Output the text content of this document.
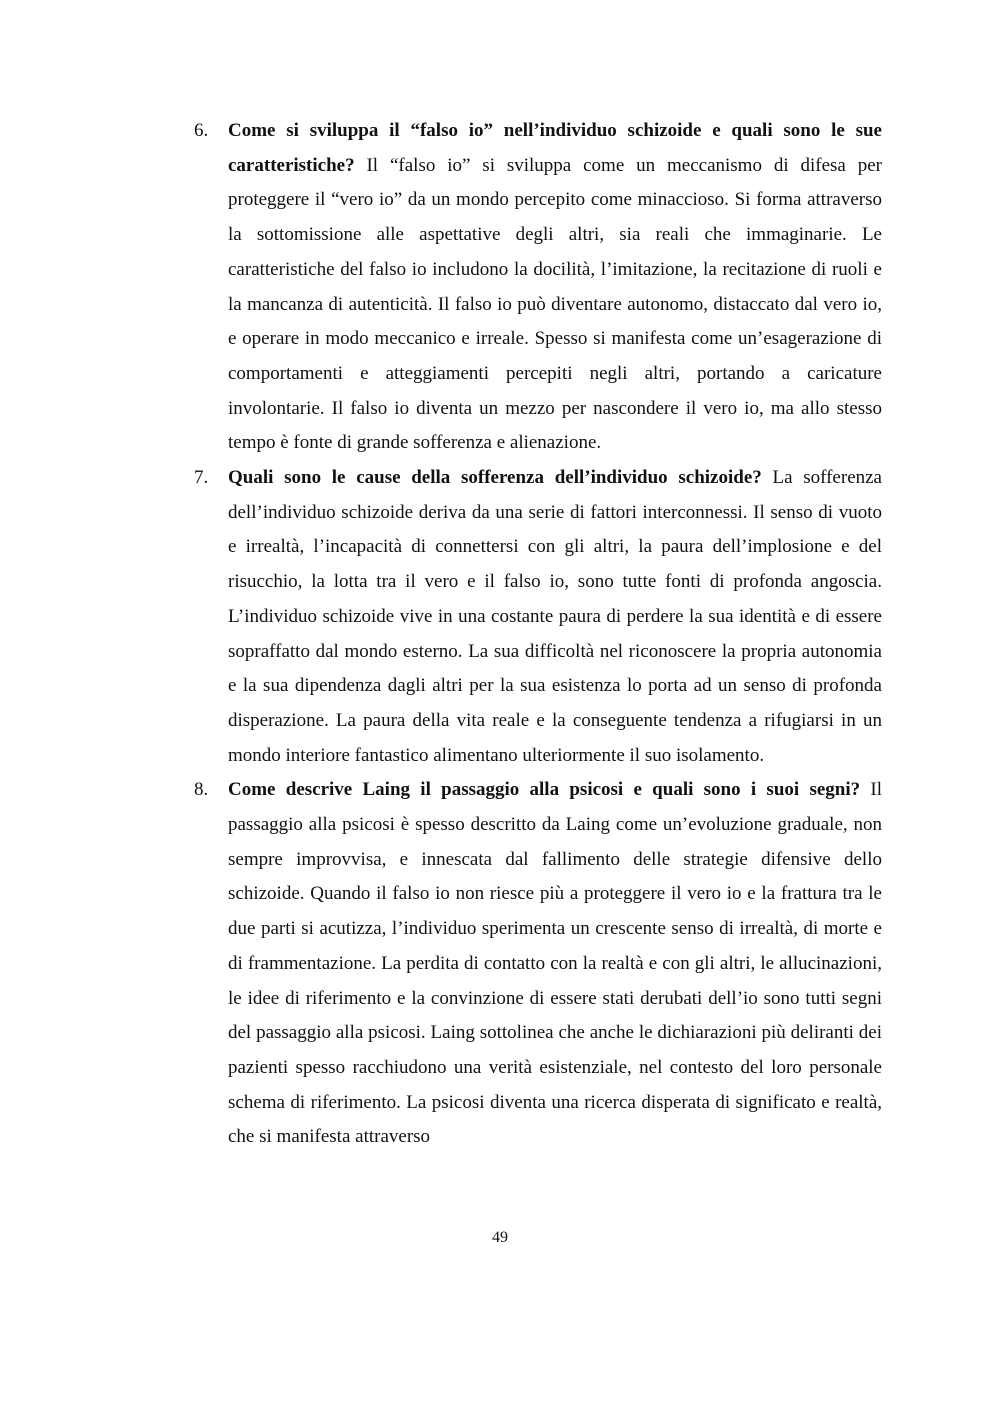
6. Come si sviluppa il “falso io” nell’individuo schizoide e quali sono le sue caratteristiche? Il “falso io” si sviluppa come un meccanismo di difesa per proteggere il “vero io” da un mondo percepito come minaccioso. Si forma attraverso la sottomissione alle aspettative degli altri, sia reali che immaginarie. Le caratteristiche del falso io includono la docilità, l’imitazione, la recitazione di ruoli e la mancanza di autenticità. Il falso io può diventare autonomo, distaccato dal vero io, e operare in modo meccanico e irreale. Spesso si manifesta come un’esagerazione di comportamenti e atteggiamenti percepiti negli altri, portando a caricature involontarie. Il falso io diventa un mezzo per nascondere il vero io, ma allo stesso tempo è fonte di grande sofferenza e alienazione.
7. Quali sono le cause della sofferenza dell’individuo schizoide? La sofferenza dell’individuo schizoide deriva da una serie di fattori interconnessi. Il senso di vuoto e irrealtà, l’incapacità di connettersi con gli altri, la paura dell’implosione e del risucchio, la lotta tra il vero e il falso io, sono tutte fonti di profonda angoscia. L’individuo schizoide vive in una costante paura di perdere la sua identità e di essere sopraffatto dal mondo esterno. La sua difficoltà nel riconoscere la propria autonomia e la sua dipendenza dagli altri per la sua esistenza lo porta ad un senso di profonda disperazione. La paura della vita reale e la conseguente tendenza a rifugiarsi in un mondo interiore fantastico alimentano ulteriormente il suo isolamento.
8. Come descrive Laing il passaggio alla psicosi e quali sono i suoi segni? Il passaggio alla psicosi è spesso descritto da Laing come un’evoluzione graduale, non sempre improvvisa, e innescata dal fallimento delle strategie difensive dello schizoide. Quando il falso io non riesce più a proteggere il vero io e la frattura tra le due parti si acutizza, l’individuo sperimenta un crescente senso di irrealtà, di morte e di frammentazione. La perdita di contatto con la realtà e con gli altri, le allucinazioni, le idee di riferimento e la convinzione di essere stati derubati dell’io sono tutti segni del passaggio alla psicosi. Laing sottolinea che anche le dichiarazioni più deliranti dei pazienti spesso racchiudono una verità esistenziale, nel contesto del loro personale schema di riferimento. La psicosi diventa una ricerca disperata di significato e realtà, che si manifesta attraverso
49
